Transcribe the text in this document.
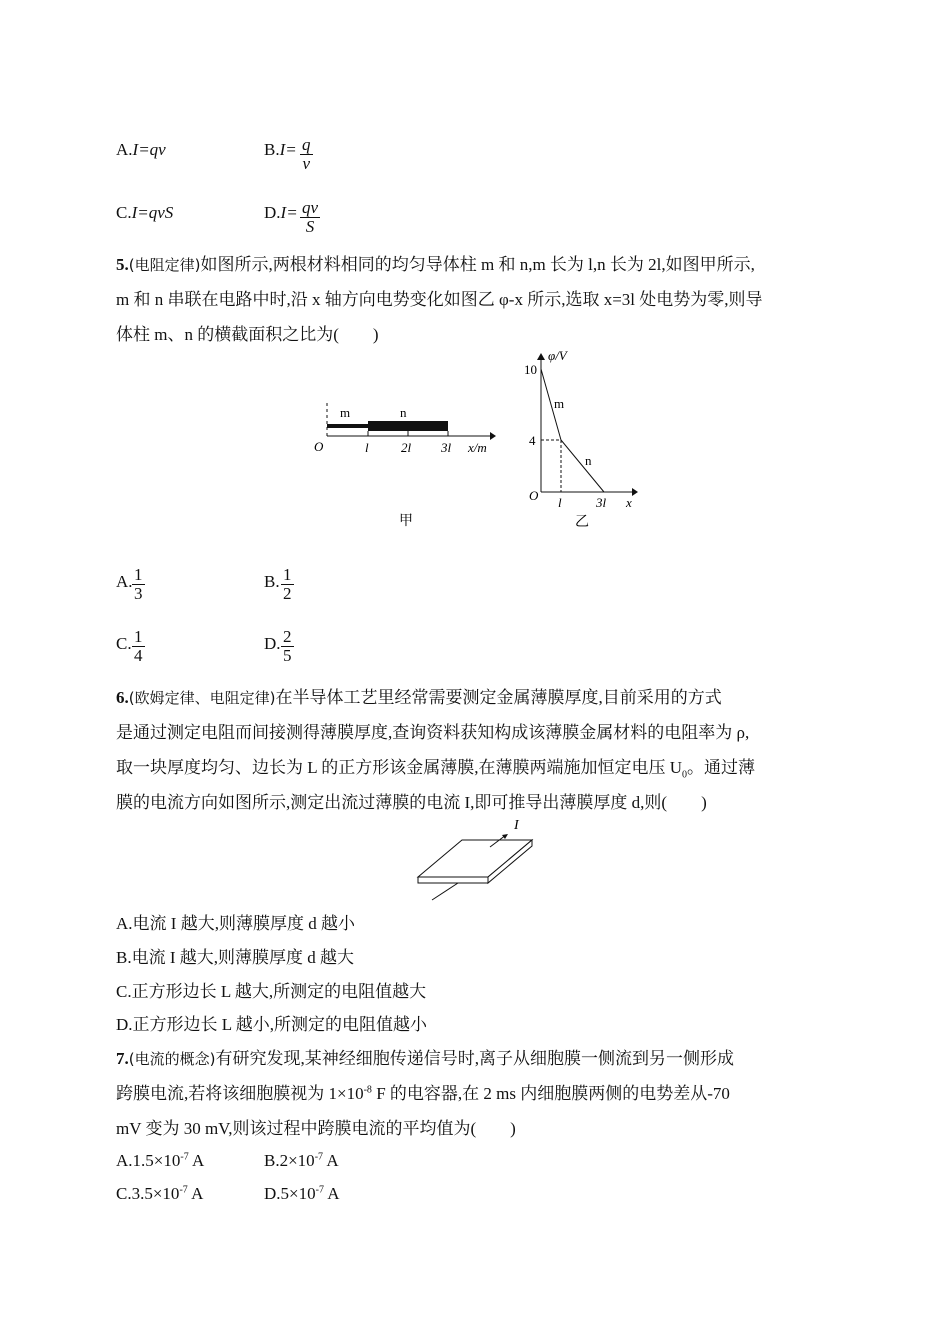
A.I=qv	B.I= q
v
C.I=qvS	D.I= qv
S
5.(电阻定律)如图所示,两根材料相同的均匀导体柱 m 和 n,m 长为 l,n 长为 2l,如图甲所示,
m 和 n 串联在电路中时,沿 x 轴方向电势变化如图乙 φ-x 所示,选取 x=3l 处电势为零,则导
体柱 m、n 的横截面积之比为(　　)
m	n
O	l 2l 3l x/m
甲
φ/V
10
4
O l	3l x
m
n
乙
A. 1
3
B. 1
2
C. 1
4
D. 2
5
6.(欧姆定律、电阻定律)在半导体工艺里经常需要测定金属薄膜厚度,目前采用的方式
是通过测定电阻而间接测得薄膜厚度,查询资料获知构成该薄膜金属材料的电阻率为 ρ,
取一块厚度均匀、边长为 L 的正方形该金属薄膜,在薄膜两端施加恒定电压 $U_0$。通过薄
膜的电流方向如图所示,测定出流过薄膜的电流 I,即可推导出薄膜厚度 d,则(　　)
I
A.电流 I 越大,则薄膜厚度 d 越小
B.电流 I 越大,则薄膜厚度 d 越大
C.正方形边长 L 越大,所测定的电阻值越大
D.正方形边长 L 越小,所测定的电阻值越小
7.(电流的概念)有研究发现,某神经细胞传递信号时,离子从细胞膜一侧流到另一侧形成
跨膜电流,若将该细胞膜视为 $1\times 10^{-8}$ F 的电容器,在 2 ms 内细胞膜两侧的电势差从-70
mV 变为 30 mV,则该过程中跨膜电流的平均值为(　　)
$A.1.5\times 10^{-7}$ A	$B.2\times 10^{-7}$ A
$C.3.5\times 10^{-7}$ A	$D.5\times 10^{-7}$ A
